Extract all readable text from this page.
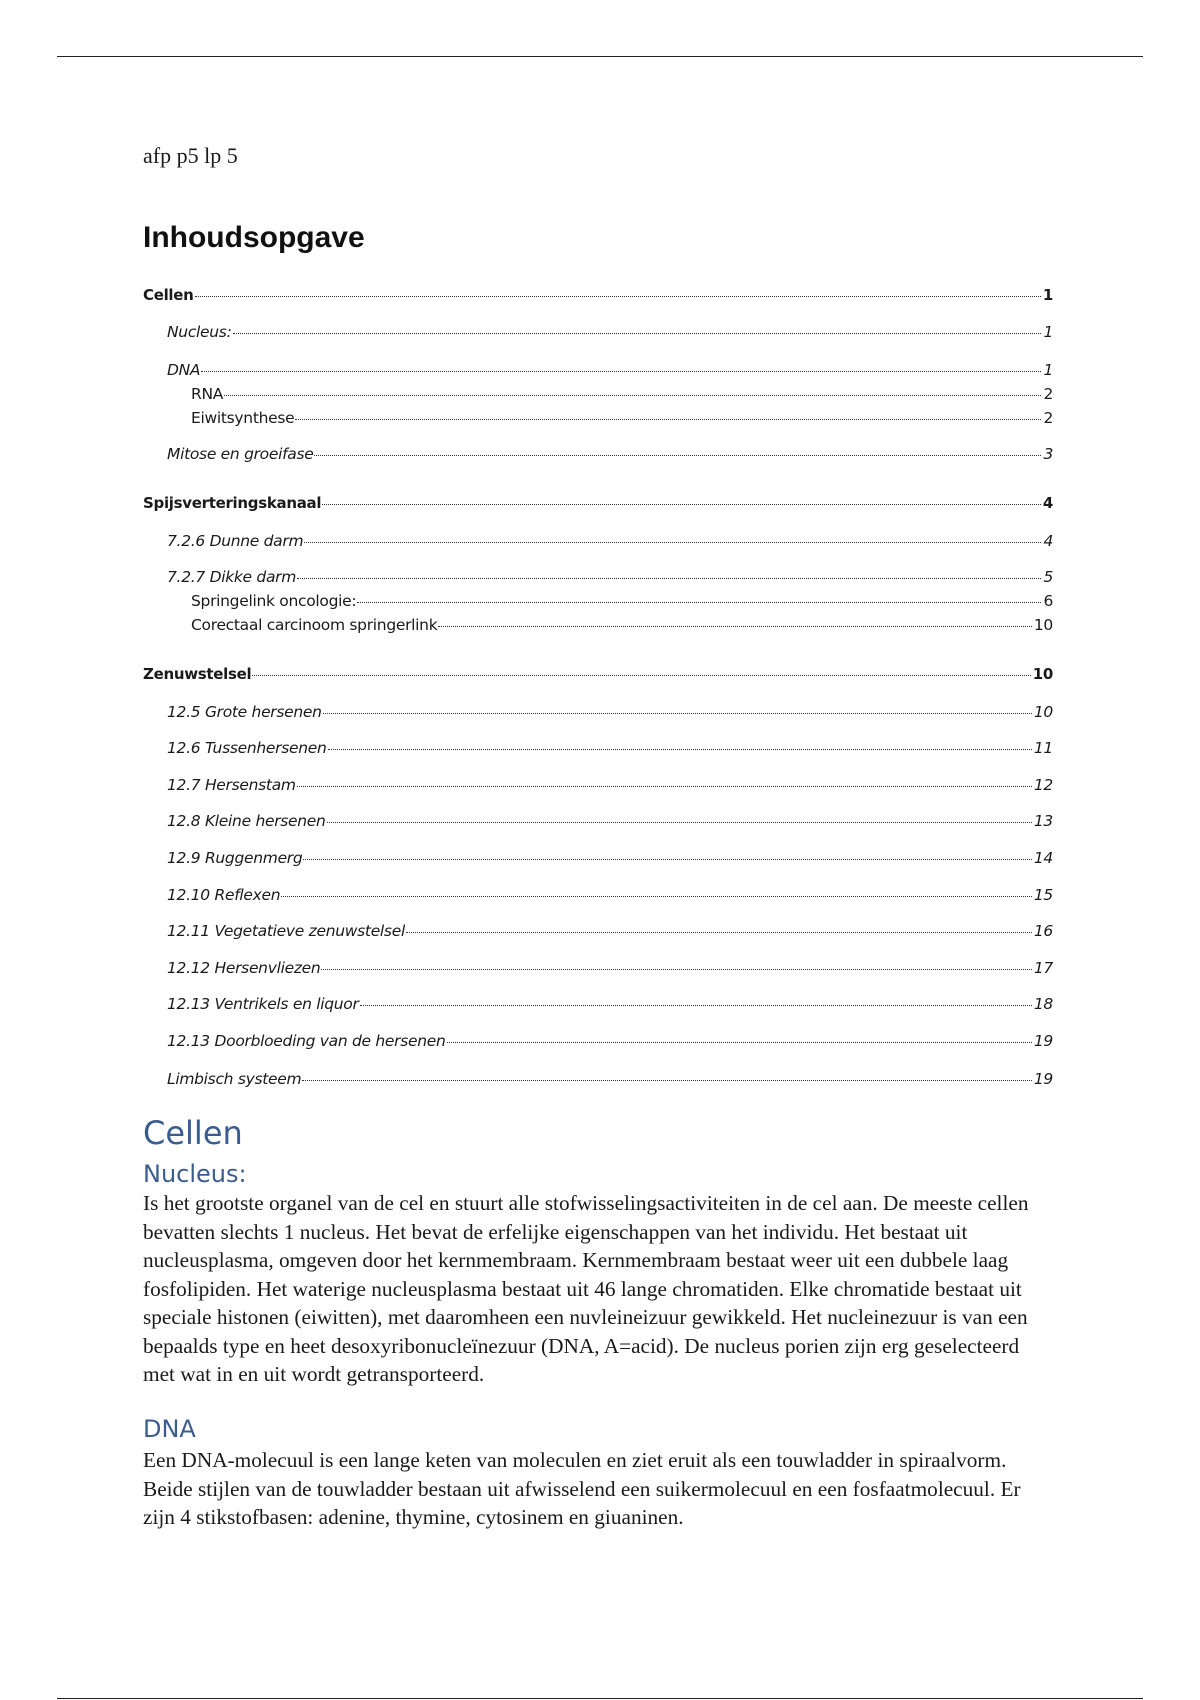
afp p5 lp 5
Inhoudsopgave
Cellen	1
Nucleus:	1
DNA	1
RNA	2
Eiwitsynthese	2
Mitose en groeifase	3
Spijsverteringskanaal	4
7.2.6 Dunne darm	4
7.2.7 Dikke darm	5
Springelink oncologie:	6
Corectaal carcinoom springerlink	10
Zenuwstelsel	10
12.5 Grote hersenen	10
12.6 Tussenhersenen	11
12.7 Hersenstam	12
12.8 Kleine hersenen	13
12.9 Ruggenmerg	14
12.10 Reflexen	15
12.11 Vegetatieve zenuwstelsel	16
12.12 Hersenvliezen	17
12.13 Ventrikels en liquor	18
12.13 Doorbloeding van de hersenen	19
Limbisch systeem	19
Cellen
Nucleus:
Is het grootste organel van de cel en stuurt alle stofwisselingsactiviteiten in de cel aan. De meeste cellen bevatten slechts 1 nucleus. Het bevat de erfelijke eigenschappen van het individu. Het bestaat uit nucleusplasma, omgeven door het kernmembraam. Kernmembraam bestaat weer uit een dubbele laag fosfolipiden. Het waterige nucleusplasma bestaat uit 46 lange chromatiden. Elke chromatide bestaat uit speciale histonen (eiwitten), met daaromheen een nuvleineizuur gewikkeld. Het nucleinezuur is van een bepaalds type en heet desoxyribonucleïnezuur (DNA, A=acid). De nucleus porien zijn erg geselecteerd met wat in en uit wordt getransporteerd.
DNA
Een DNA-molecuul is een lange keten van moleculen en ziet eruit als een touwladder in spiraalvorm. Beide stijlen van de touwladder bestaan uit afwisselend een suikermolecuul en een fosfaatmolecuul. Er zijn 4 stikstofbasen: adenine, thymine, cytosinem en giuaninen.
